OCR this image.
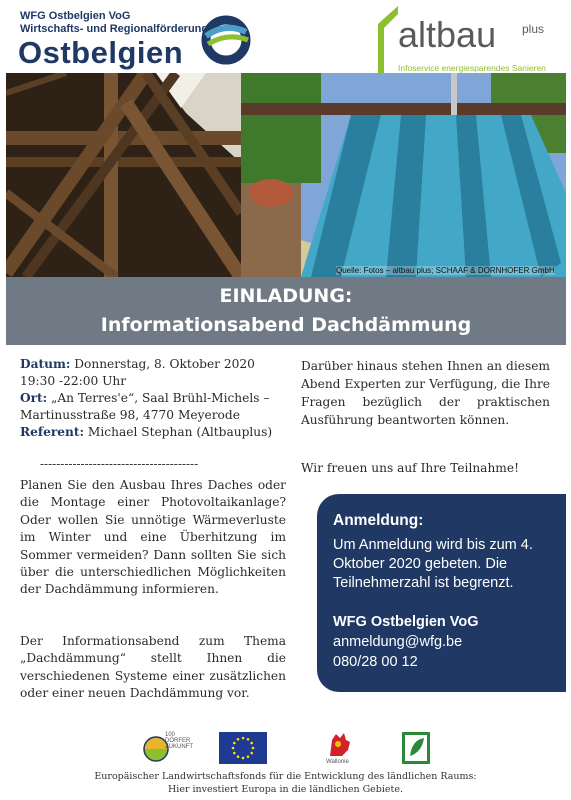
WFG Ostbelgien VoG
Wirtschafts- und Regionalförderung
Ostbelgien	altbau plus
Infoservice energiesparendes Sanieren
Quelle: Fotos – altbau plus; SCHAAF & DORNHOFER GmbH
EINLADUNG:
Informationsabend Dachdämmung
Datum: Donnerstag, 8. Oktober 2020
19:30 -22:00 Uhr
Ort: „An Terres'e“, Saal Brühl-Michels –
Martinusstraße 98, 4770 Meyerode
Referent: Michael Stephan (Altbauplus)
---------------------------------------
Planen Sie den Ausbau Ihres Daches oder die Montage einer Photovoltaikanlage? Oder wollen Sie unnötige Wärmeverluste im Winter und eine Überhitzung im Sommer vermeiden? Dann sollten Sie sich über die unterschiedlichen Möglichkeiten der Dachdämmung informieren.
Der Informationsabend zum Thema „Dachdämmung“ stellt Ihnen die verschiedenen Systeme einer zusätzlichen oder einer neuen Dachdämmung vor.
Darüber hinaus stehen Ihnen an diesem Abend Experten zur Verfügung, die Ihre Fragen bezüglich der praktischen Ausführung beantworten können.
Wir freuen uns auf Ihre Teilnahme!
Anmeldung:
Um Anmeldung wird bis zum 4.
Oktober 2020 gebeten. Die
Teilnehmerzahl ist begrenzt.
WFG Ostbelgien VoG
anmeldung@wfg.be
080/28 00 12
100 DÖRFER ZUKUNFT
Wallonie
Europäischer Landwirtschaftsfonds für die Entwicklung des ländlichen Raums:
Hier investiert Europa in die ländlichen Gebiete.
